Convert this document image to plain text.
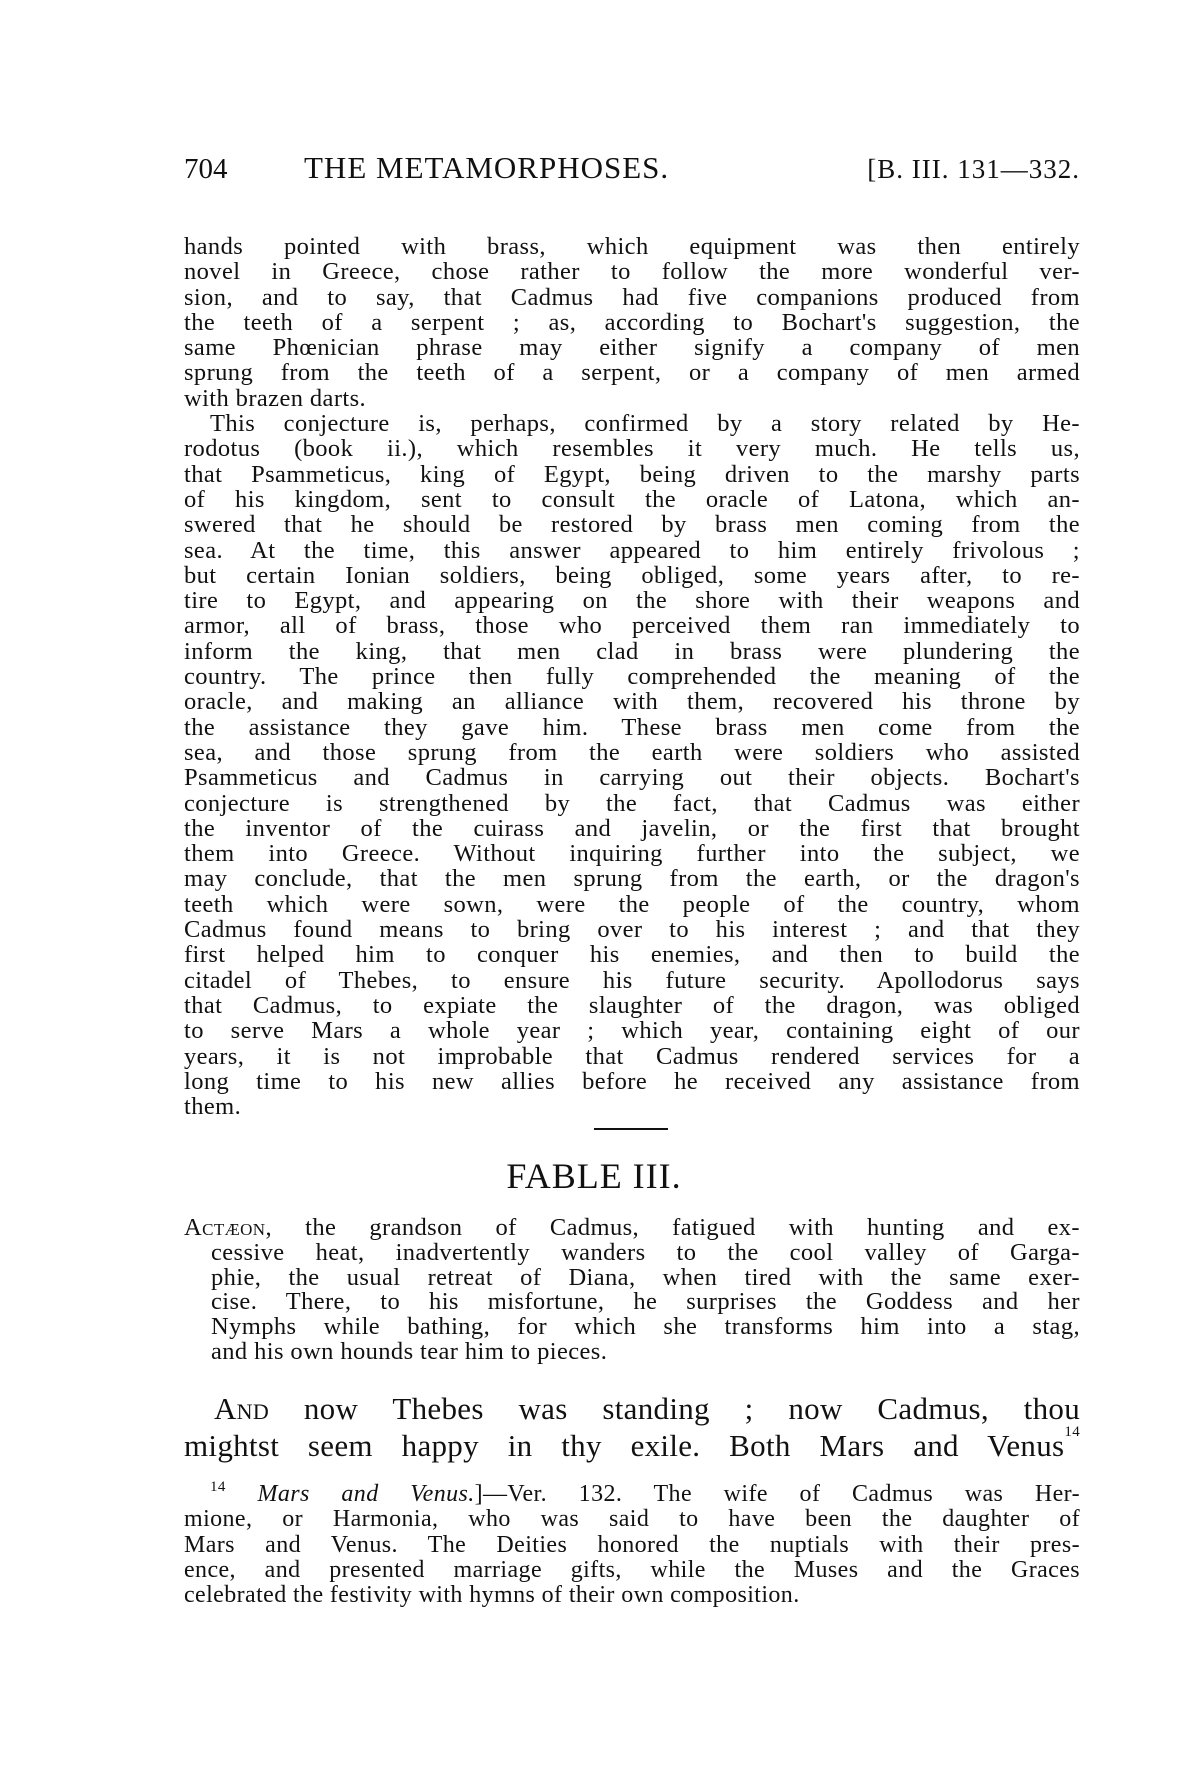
704	THE METAMORPHOSES.	[B. III. 131—332.
hands pointed with brass, which equipment was then entirely
novel in Greece, chose rather to follow the more wonderful ver-
sion, and to say, that Cadmus had five companions produced from
the teeth of a serpent ; as, according to Bochart's suggestion, the
same Phœnician phrase may either signify a company of men
sprung from the teeth of a serpent, or a company of men armed
with brazen darts.
This conjecture is, perhaps, confirmed by a story related by He-
rodotus (book ii.), which resembles it very much. He tells us,
that Psammeticus, king of Egypt, being driven to the marshy parts
of his kingdom, sent to consult the oracle of Latona, which an-
swered that he should be restored by brass men coming from the
sea. At the time, this answer appeared to him entirely frivolous ;
but certain Ionian soldiers, being obliged, some years after, to re-
tire to Egypt, and appearing on the shore with their weapons and
armor, all of brass, those who perceived them ran immediately to
inform the king, that men clad in brass were plundering the
country. The prince then fully comprehended the meaning of the
oracle, and making an alliance with them, recovered his throne by
the assistance they gave him. These brass men come from the
sea, and those sprung from the earth were soldiers who assisted
Psammeticus and Cadmus in carrying out their objects. Bochart's
conjecture is strengthened by the fact, that Cadmus was either
the inventor of the cuirass and javelin, or the first that brought
them into Greece. Without inquiring further into the subject, we
may conclude, that the men sprung from the earth, or the dragon's
teeth which were sown, were the people of the country, whom
Cadmus found means to bring over to his interest ; and that they
first helped him to conquer his enemies, and then to build the
citadel of Thebes, to ensure his future security. Apollodorus says
that Cadmus, to expiate the slaughter of the dragon, was obliged
to serve Mars a whole year ; which year, containing eight of our
years, it is not improbable that Cadmus rendered services for a
long time to his new allies before he received any assistance from
them.
FABLE III.
Actæon, the grandson of Cadmus, fatigued with hunting and ex-
cessive heat, inadvertently wanders to the cool valley of Garga-
phie, the usual retreat of Diana, when tired with the same exer-
cise. There, to his misfortune, he surprises the Goddess and her
Nymphs while bathing, for which she transforms him into a stag,
and his own hounds tear him to pieces.
And now Thebes was standing ; now Cadmus, thou
mightst seem happy in thy exile. Both Mars and Venus$^{14}$
$^{14}$ Mars and Venus.]—Ver. 132. The wife of Cadmus was Her-
mione, or Harmonia, who was said to have been the daughter of
Mars and Venus. The Deities honored the nuptials with their pres-
ence, and presented marriage gifts, while the Muses and the Graces
celebrated the festivity with hymns of their own composition.
